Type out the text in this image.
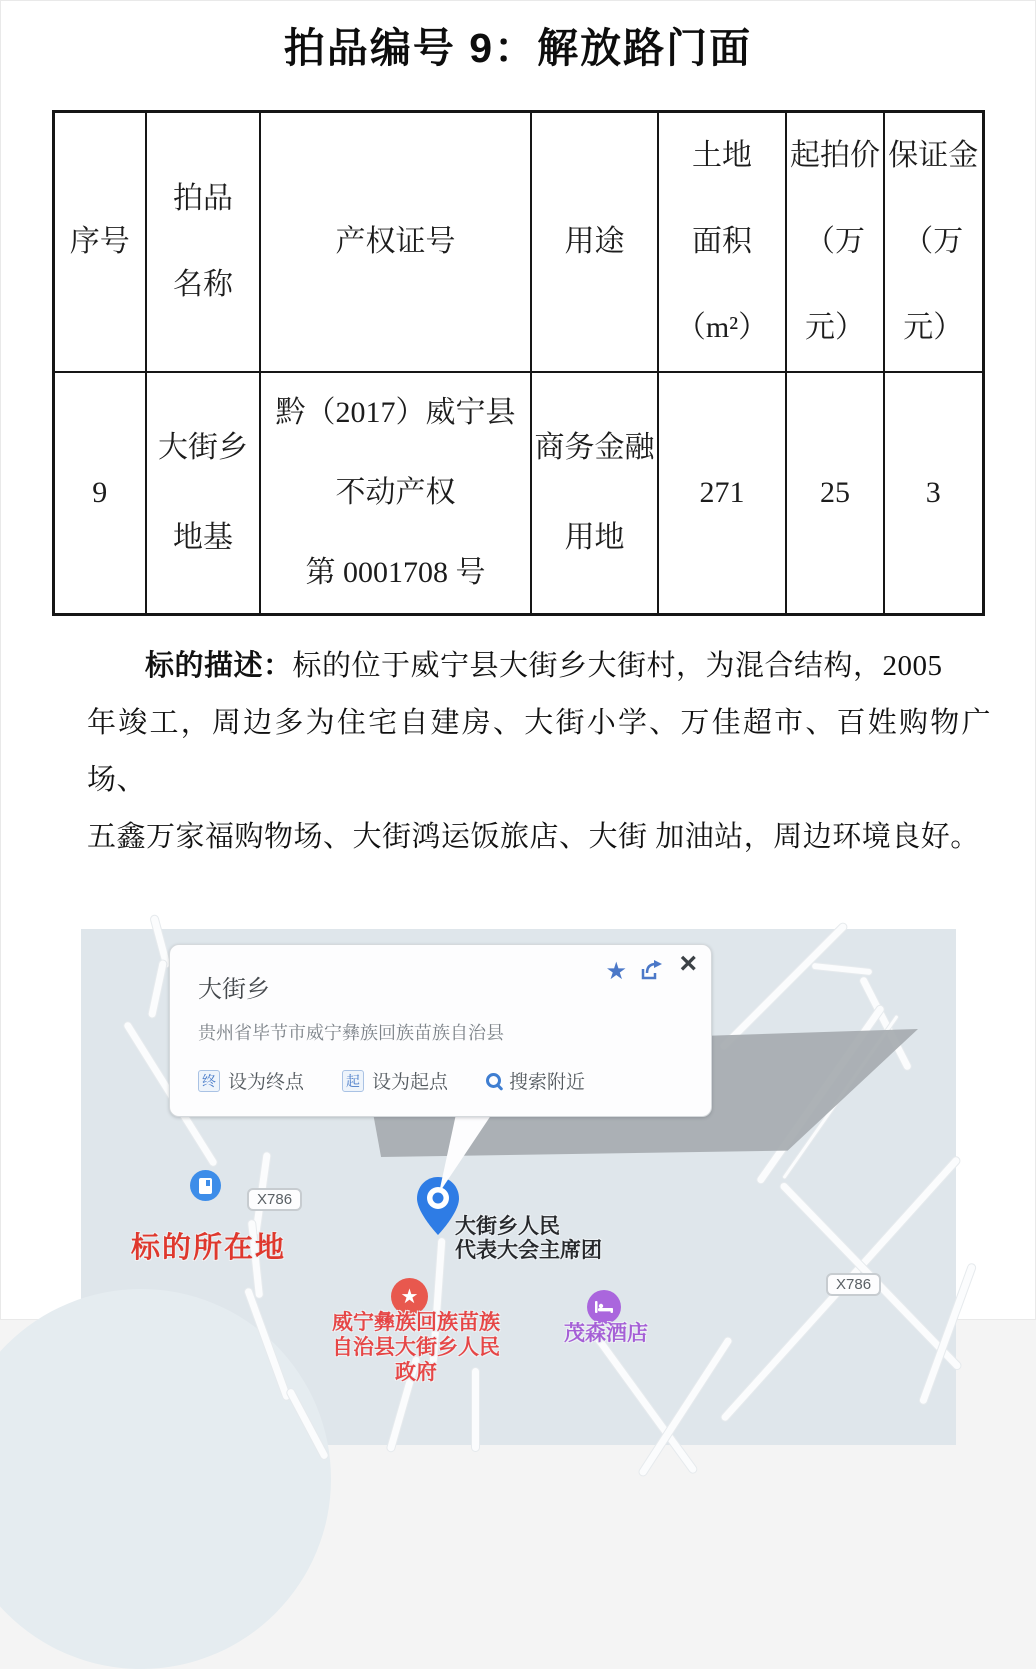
拍品编号 9：解放路门面
序号

拍品
名称

产权证号	用途

土地
面积（m²）

起拍价
（万元）

保证金
（万元）

9	
大街乡
地基

黔（2017）威宁县
不动产权
第 0001708 号

商务金融
用地
	271	25	3
标的描述：标的位于威宁县大街乡大街村，为混合结构，2005
年竣工，周边多为住宅自建房、大街小学、万佳超市、百姓购物广场、
五鑫万家福购物场、大街鸿运饭旅店、大街 加油站，周边环境良好。
X786
X786
标的所在地
大街乡人民
代表大会主席团
★
威宁彝族回族苗族
自治县大街乡人民政府
茂森酒店
大街乡
贵州省毕节市威宁彝族回族苗族自治县
终 设为终点	起 设为起点	搜索附近
★ ×
